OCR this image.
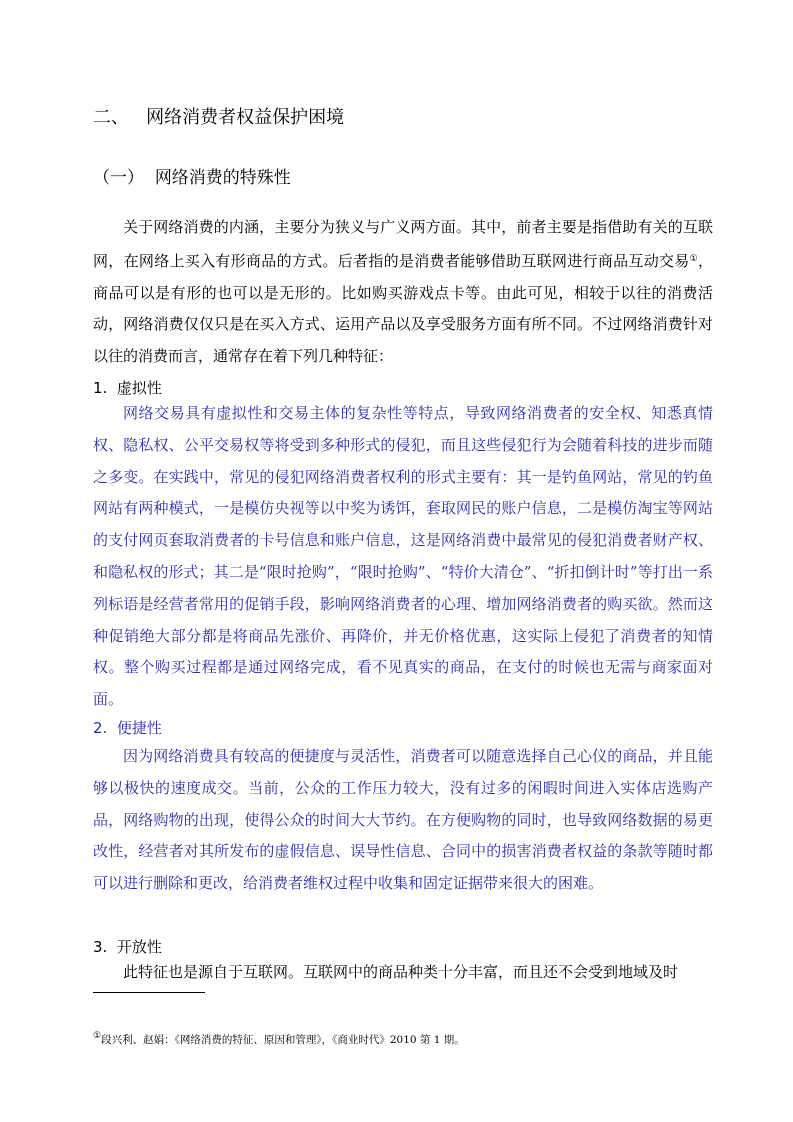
二、 网络消费者权益保护困境
（一） 网络消费的特殊性
关于网络消费的内涵，主要分为狭义与广义两方面。其中，前者主要是指借助有关的互联网，在网络上买入有形商品的方式。后者指的是消费者能够借助互联网进行商品互动交易①，商品可以是有形的也可以是无形的。比如购买游戏点卡等。由此可见，相较于以往的消费活动，网络消费仅仅只是在买入方式、运用产品以及享受服务方面有所不同。不过网络消费针对以往的消费而言，通常存在着下列几种特征：
1. 虚拟性
网络交易具有虚拟性和交易主体的复杂性等特点，导致网络消费者的安全权、知悉真情权、隐私权、公平交易权等将受到多种形式的侵犯，而且这些侵犯行为会随着科技的进步而随之多变。在实践中，常见的侵犯网络消费者权利的形式主要有：其一是钓鱼网站，常见的钓鱼网站有两种模式，一是模仿央视等以中奖为诱饵，套取网民的账户信息，二是模仿淘宝等网站的支付网页套取消费者的卡号信息和账户信息，这是网络消费中最常见的侵犯消费者财产权、和隐私权的形式；其二是“限时抢购”，“限时抢购”、“特价大清仓”、“折扣倒计时”等打出一系列标语是经营者常用的促销手段，影响网络消费者的心理、增加网络消费者的购买欲。然而这种促销绝大部分都是将商品先涨价、再降价，并无价格优惠，这实际上侵犯了消费者的知情权。整个购买过程都是通过网络完成，看不见真实的商品，在支付的时候也无需与商家面对面。
2. 便捷性
因为网络消费具有较高的便捷度与灵活性，消费者可以随意选择自己心仪的商品，并且能够以极快的速度成交。当前，公众的工作压力较大，没有过多的闲暇时间进入实体店选购产品，网络购物的出现，使得公众的时间大大节约。在方便购物的同时，也导致网络数据的易更改性，经营者对其所发布的虚假信息、误导性信息、合同中的损害消费者权益的条款等随时都可以进行删除和更改，给消费者维权过程中收集和固定证据带来很大的困难。
3. 开放性
此特征也是源自于互联网。互联网中的商品种类十分丰富，而且还不会受到地域及时
①段兴利、赵娟：《网络消费的特征、原因和管理》，《商业时代》2010 第 1 期。
